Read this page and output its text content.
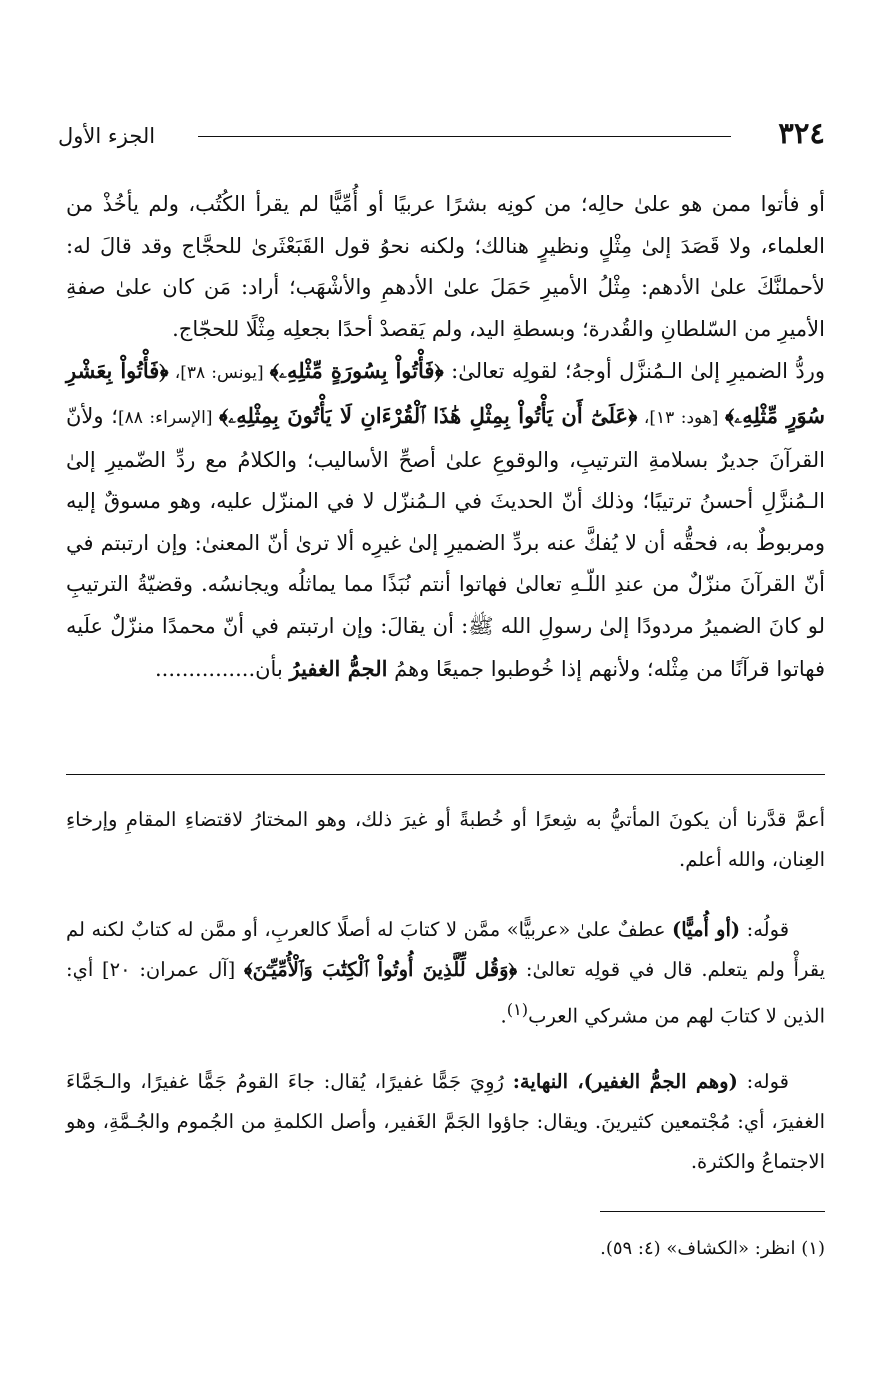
٣٢٤
الجزء الأول

أو فأتوا ممن هو علىٰ حالِه؛ من كونِه بشرًا عربيًا أو أُمِّيًّا لم يقرأ الكُتُب، ولم يأخُذْ من العلماء، ولا قَصَدَ إلىٰ مِثْلٍ ونظيرٍ هنالك؛ ولكنه نحوُ قول القَبَعْثَرىٰ للحجَّاج وقد قالَ له: لأحملنَّكَ علىٰ الأدهم: مِثْلُ الأميرِ حَمَلَ علىٰ الأدهمِ والأشْهَب؛ أراد: مَن كان علىٰ صفةِ الأميرِ من السّلطانِ والقُدرة؛ وبسطةِ اليد، ولم يَقصدْ أحدًا بجعلِه مِثْلًا للحجّاج.

وردُّ الضميرِ إلىٰ الـمُنزَّل أوجهُ؛ لقولِه تعالىٰ: ﴿فَأْتُواْ بِسُورَةٍ مِّثْلِهِۦ﴾ [يونس: ٣٨]، ﴿فَأْتُواْ بِعَشْرِ سُوَرٍ مِّثْلِهِۦ﴾ [هود: ١٣]، ﴿عَلَىٰٓ أَن يَأْتُواْ بِمِثْلِ هَٰذَا ٱلْقُرْءَانِ لَا يَأْتُونَ بِمِثْلِهِۦ﴾ [الإسراء: ٨٨]؛ ولأنّ القرآنَ جديرٌ بسلامةِ الترتيبِ، والوقوعِ علىٰ أصحِّ الأساليب؛ والكلامُ مع ردِّ الضّميرِ إلىٰ الـمُنزَّلِ أحسنُ ترتيبًا؛ وذلك أنّ الحديثَ في الـمُنزّل لا في المنزّل عليه، وهو مسوقٌ إليه ومربوطٌ به، فحقُّه أن لا يُفكَّ عنه بردِّ الضميرِ إلىٰ غيرِه ألا ترىٰ أنّ المعنىٰ: وإن ارتبتم في أنّ القرآنَ منزّلٌ من عندِ اللّـهِ تعالىٰ فهاتوا أنتم نُبَذًا مما يماثلُه ويجانسُه. وقضيّةُ الترتيبِ لو كانَ الضميرُ مردودًا إلىٰ رسولِ الله ﷺ: أن يقالَ: وإن ارتبتم في أنّ محمدًا منزّلٌ علَيه فهاتوا قرآنًا من مِثْله؛ ولأنهم إذا خُوطبوا جميعًا وهمُ الجمُّ الغفيرُ بأن...............

أعمَّ قدَّرنا أن يكونَ المأتيُّ به شِعرًا أو خُطبةً أو غيرَ ذلك، وهو المختارُ لاقتضاءِ المقامِ وإرخاءِ العِنان، والله أعلم.

قولُه: (أو أُميًّا) عطفٌ علىٰ «عربيًّا» ممَّن لا كتابَ له أصلًا كالعربِ، أو ممَّن له كتابٌ لكنه لم يقرأْ ولم يتعلم. قال في قولِه تعالىٰ: ﴿وَقُل لِّلَّذِينَ أُوتُواْ ٱلْكِتَٰبَ وَٱلْأُمِّيِّـۧنَ﴾ [آل عمران: ٢٠] أي: الذين لا كتابَ لهم من مشركي العرب$^{(١)}$.

قوله: (وهم الجمُّ الغفير)، النهاية: رُوِيَ جَمًّا غفيرًا، يُقال: جاءَ القومُ جَمًّا غفيرًا، والـجَمَّاءَ الغفيرَ، أي: مُجْتمعين كثيرينَ. ويقال: جاؤوا الجَمَّ الغَفير، وأصل الكلمةِ من الجُموم والجُـمَّةِ، وهو الاجتماعُ والكثرة.

(١) انظر: «الكشاف» (٤: ٥٩).
